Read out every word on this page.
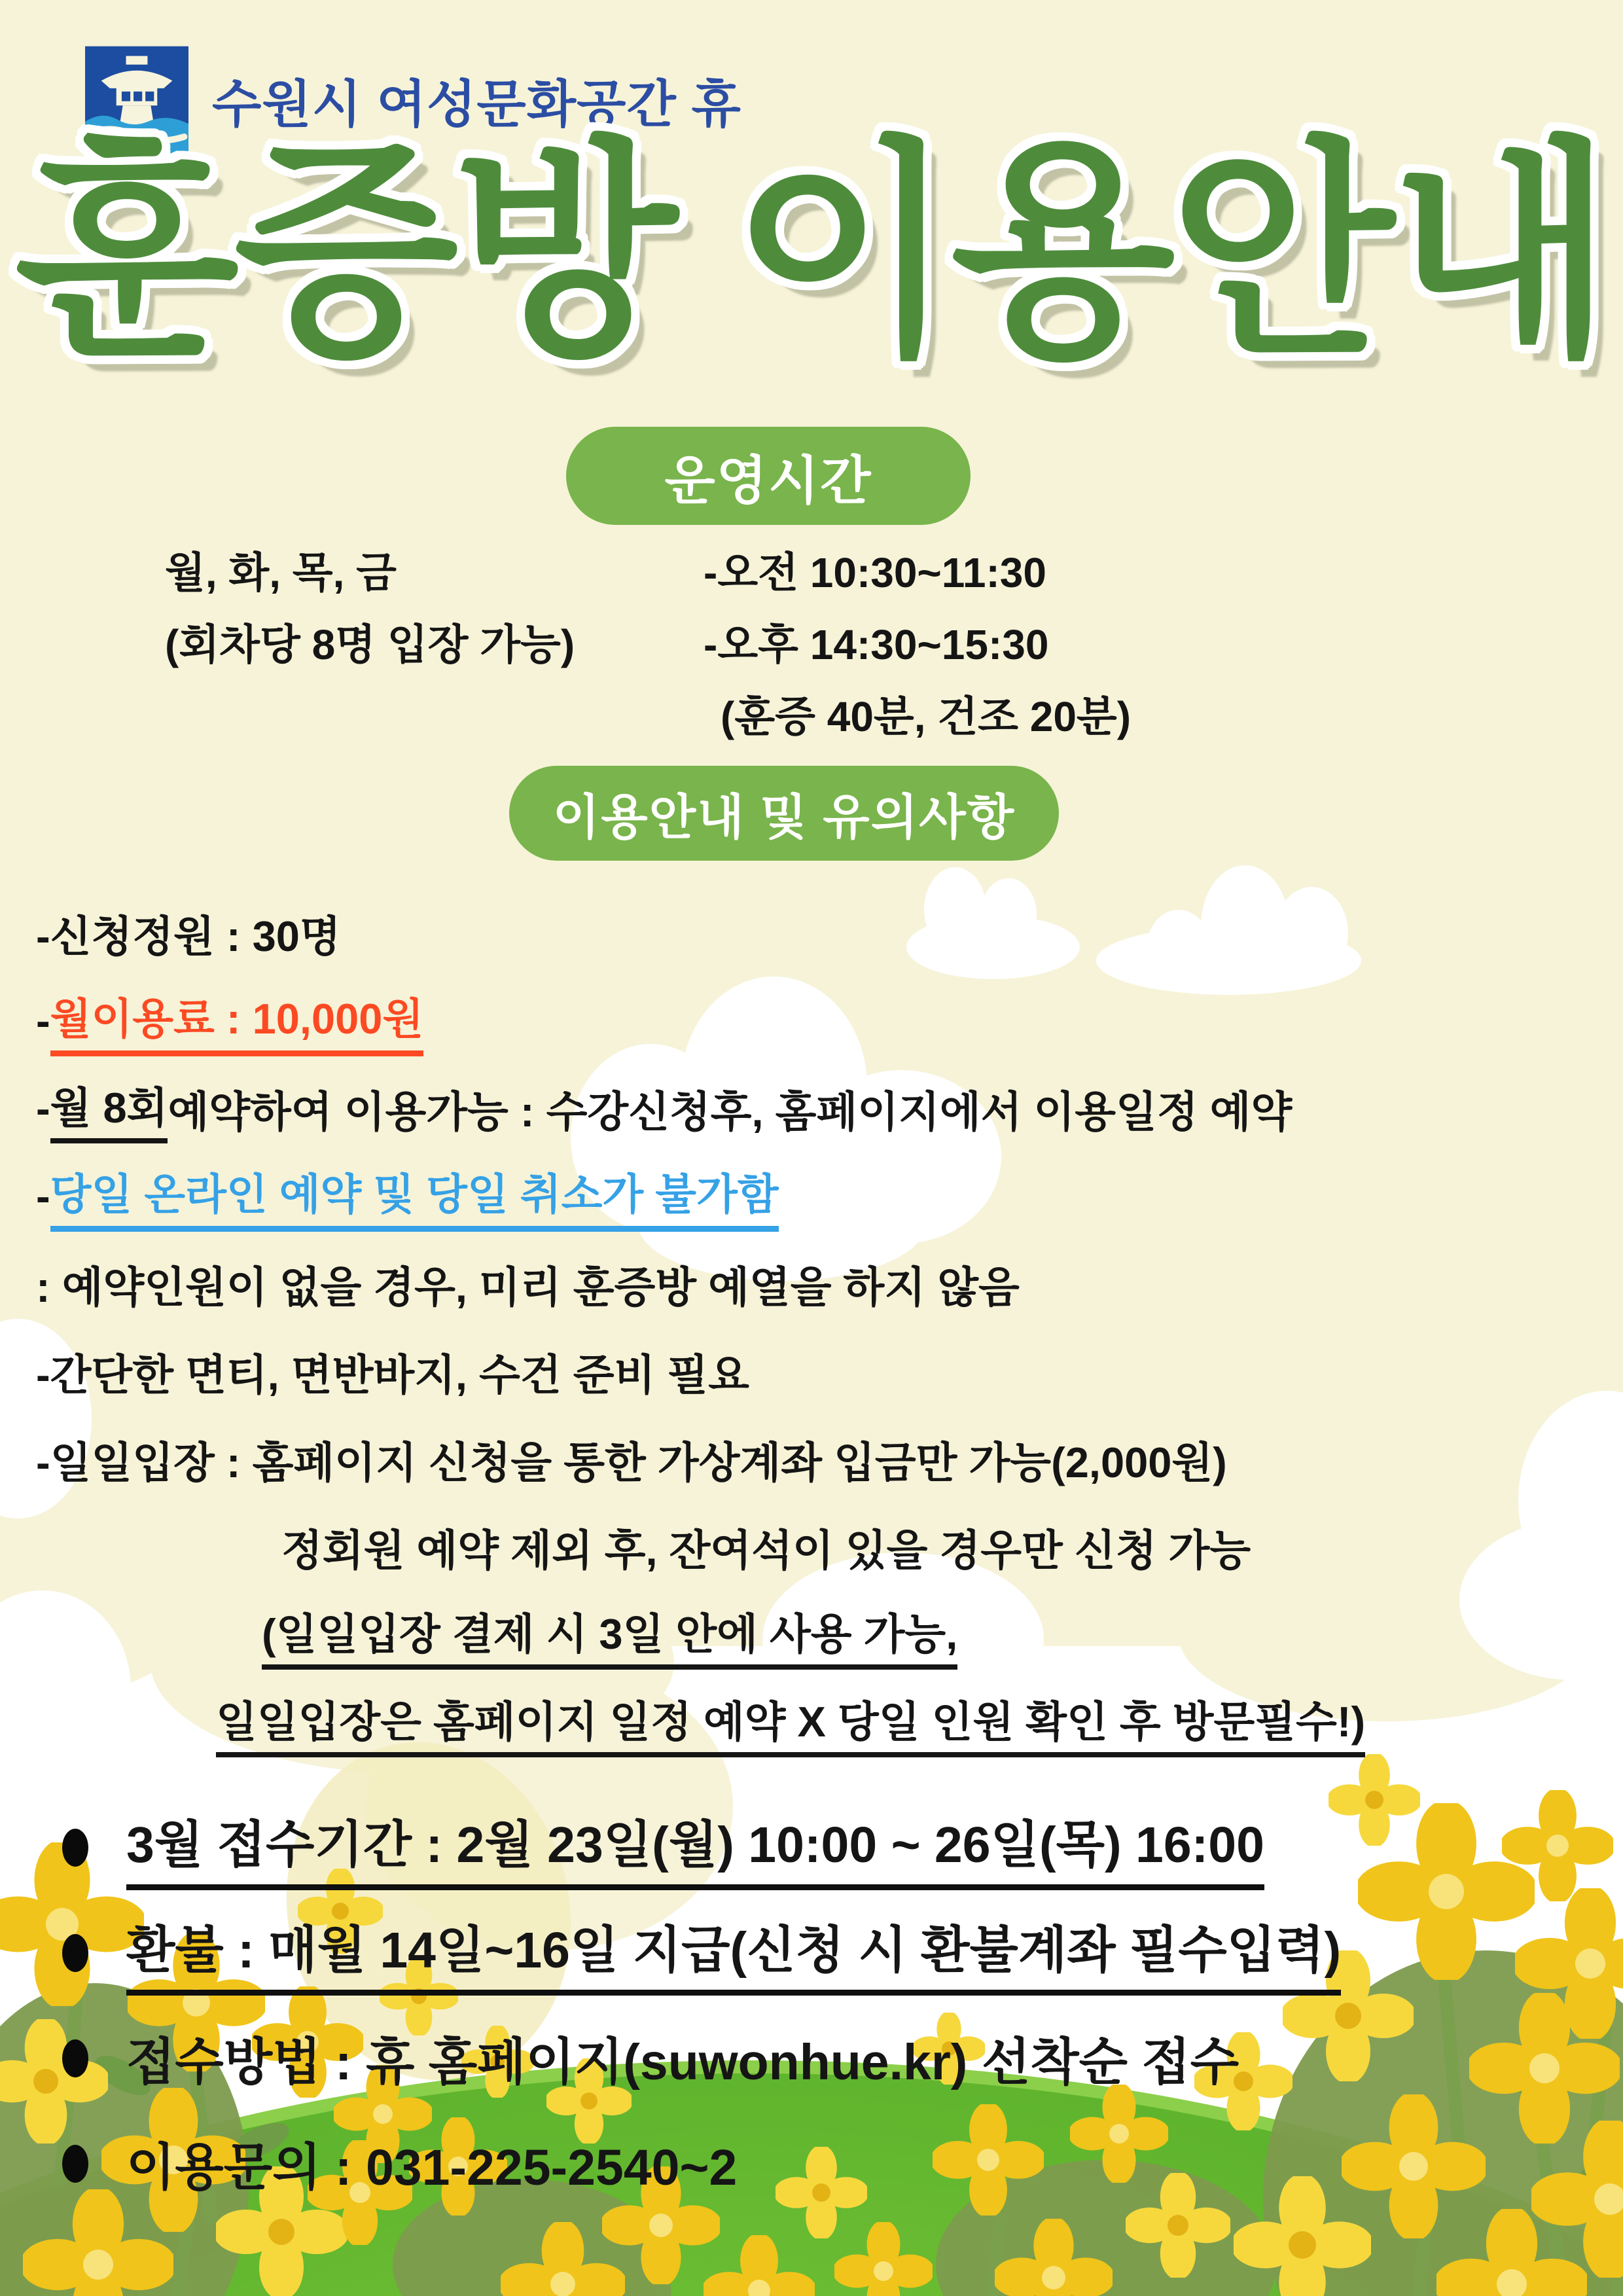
수원시 여성문화공간 휴
훈증방 이용안내
운영시간
월, 화, 목, 금
(회차당 8명 입장 가능)
-오전 10:30~11:30
-오후 14:30~15:30
(훈증 40분, 건조 20분)
이용안내 및 유의사항
-신청정원 : 30명
- 월이용료 : 10,000원
- 월 8회 예약하여 이용가능 : 수강신청후, 홈페이지에서 이용일정 예약
- 당일 온라인 예약 및 당일 취소가 불가함
: 예약인원이 없을 경우, 미리 훈증방 예열을 하지 않음
-간단한 면티, 면반바지, 수건 준비 필요
-일일입장 : 홈페이지 신청을 통한 가상계좌 입금만 가능(2,000원)
정회원 예약 제외 후, 잔여석이 있을 경우만 신청 가능
(일일입장 결제 시 3일 안에 사용 가능,
일일입장은 홈페이지 일정 예약 X 당일 인원 확인 후 방문필수!)
3월 접수기간 : 2월 23일(월) 10:00 ~ 26일(목) 16:00
환불 : 매월 14일~16일 지급(신청 시 환불계좌 필수입력)
접수방법 : 휴 홈페이지(suwonhue.kr) 선착순 접수
이용문의 : 031-225-2540~2
